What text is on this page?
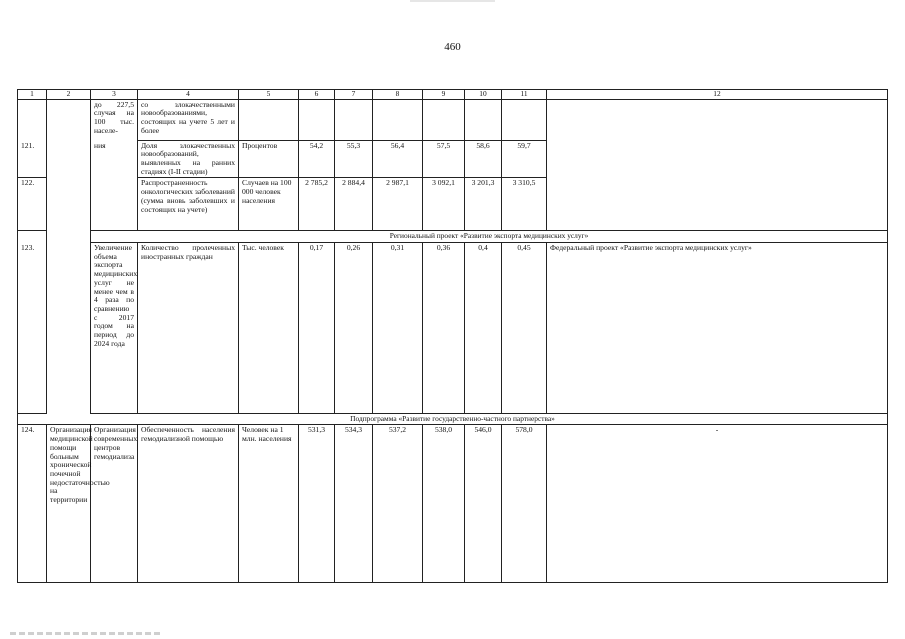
460
1	2	3	4	5	6	7	8	9	10	11	12
		до 227,5 случая на 100 тыс. населе-	со злокачественными новообразованиями, состоящих на учете 5 лет и более								
121.		ния	Доля злокачественных новообразований, выявленных на ранних стадиях (I-II стадии)	Процентов	54,2	55,3	56,4	57,5	58,6	59,7	
122.			Распространенность онкологических заболеваний (сумма вновь заболевших и состоящих на учете)	Случаев на 100 000 человек населения	2 785,2	2 884,4	2 987,1	3 092,1	3 201,3	3 310,5	
		Региональный проект «Развитие экспорта медицинских услуг»									
123.		Увеличение объема экспорта медицинских услуг не менее чем в 4 раза по сравнению с 2017 годом на период до 2024 года	Количество пролеченных иностранных граждан	Тыс. человек	0,17	0,26	0,31	0,36	0,4	0,45	Федеральный проект «Развитие экспорта медицинских услуг»
Подпрограмма «Развитие государственно-частного партнерства»											
124.	Организация медицинской помощи больным хронической почечной недостаточностью на территории	Организация современных центров гемодиализа	Обеспеченность населения гемодиализной помощью	Человек на 1 млн. населения	531,3	534,3	537,2	538,0	546,0	578,0	-
